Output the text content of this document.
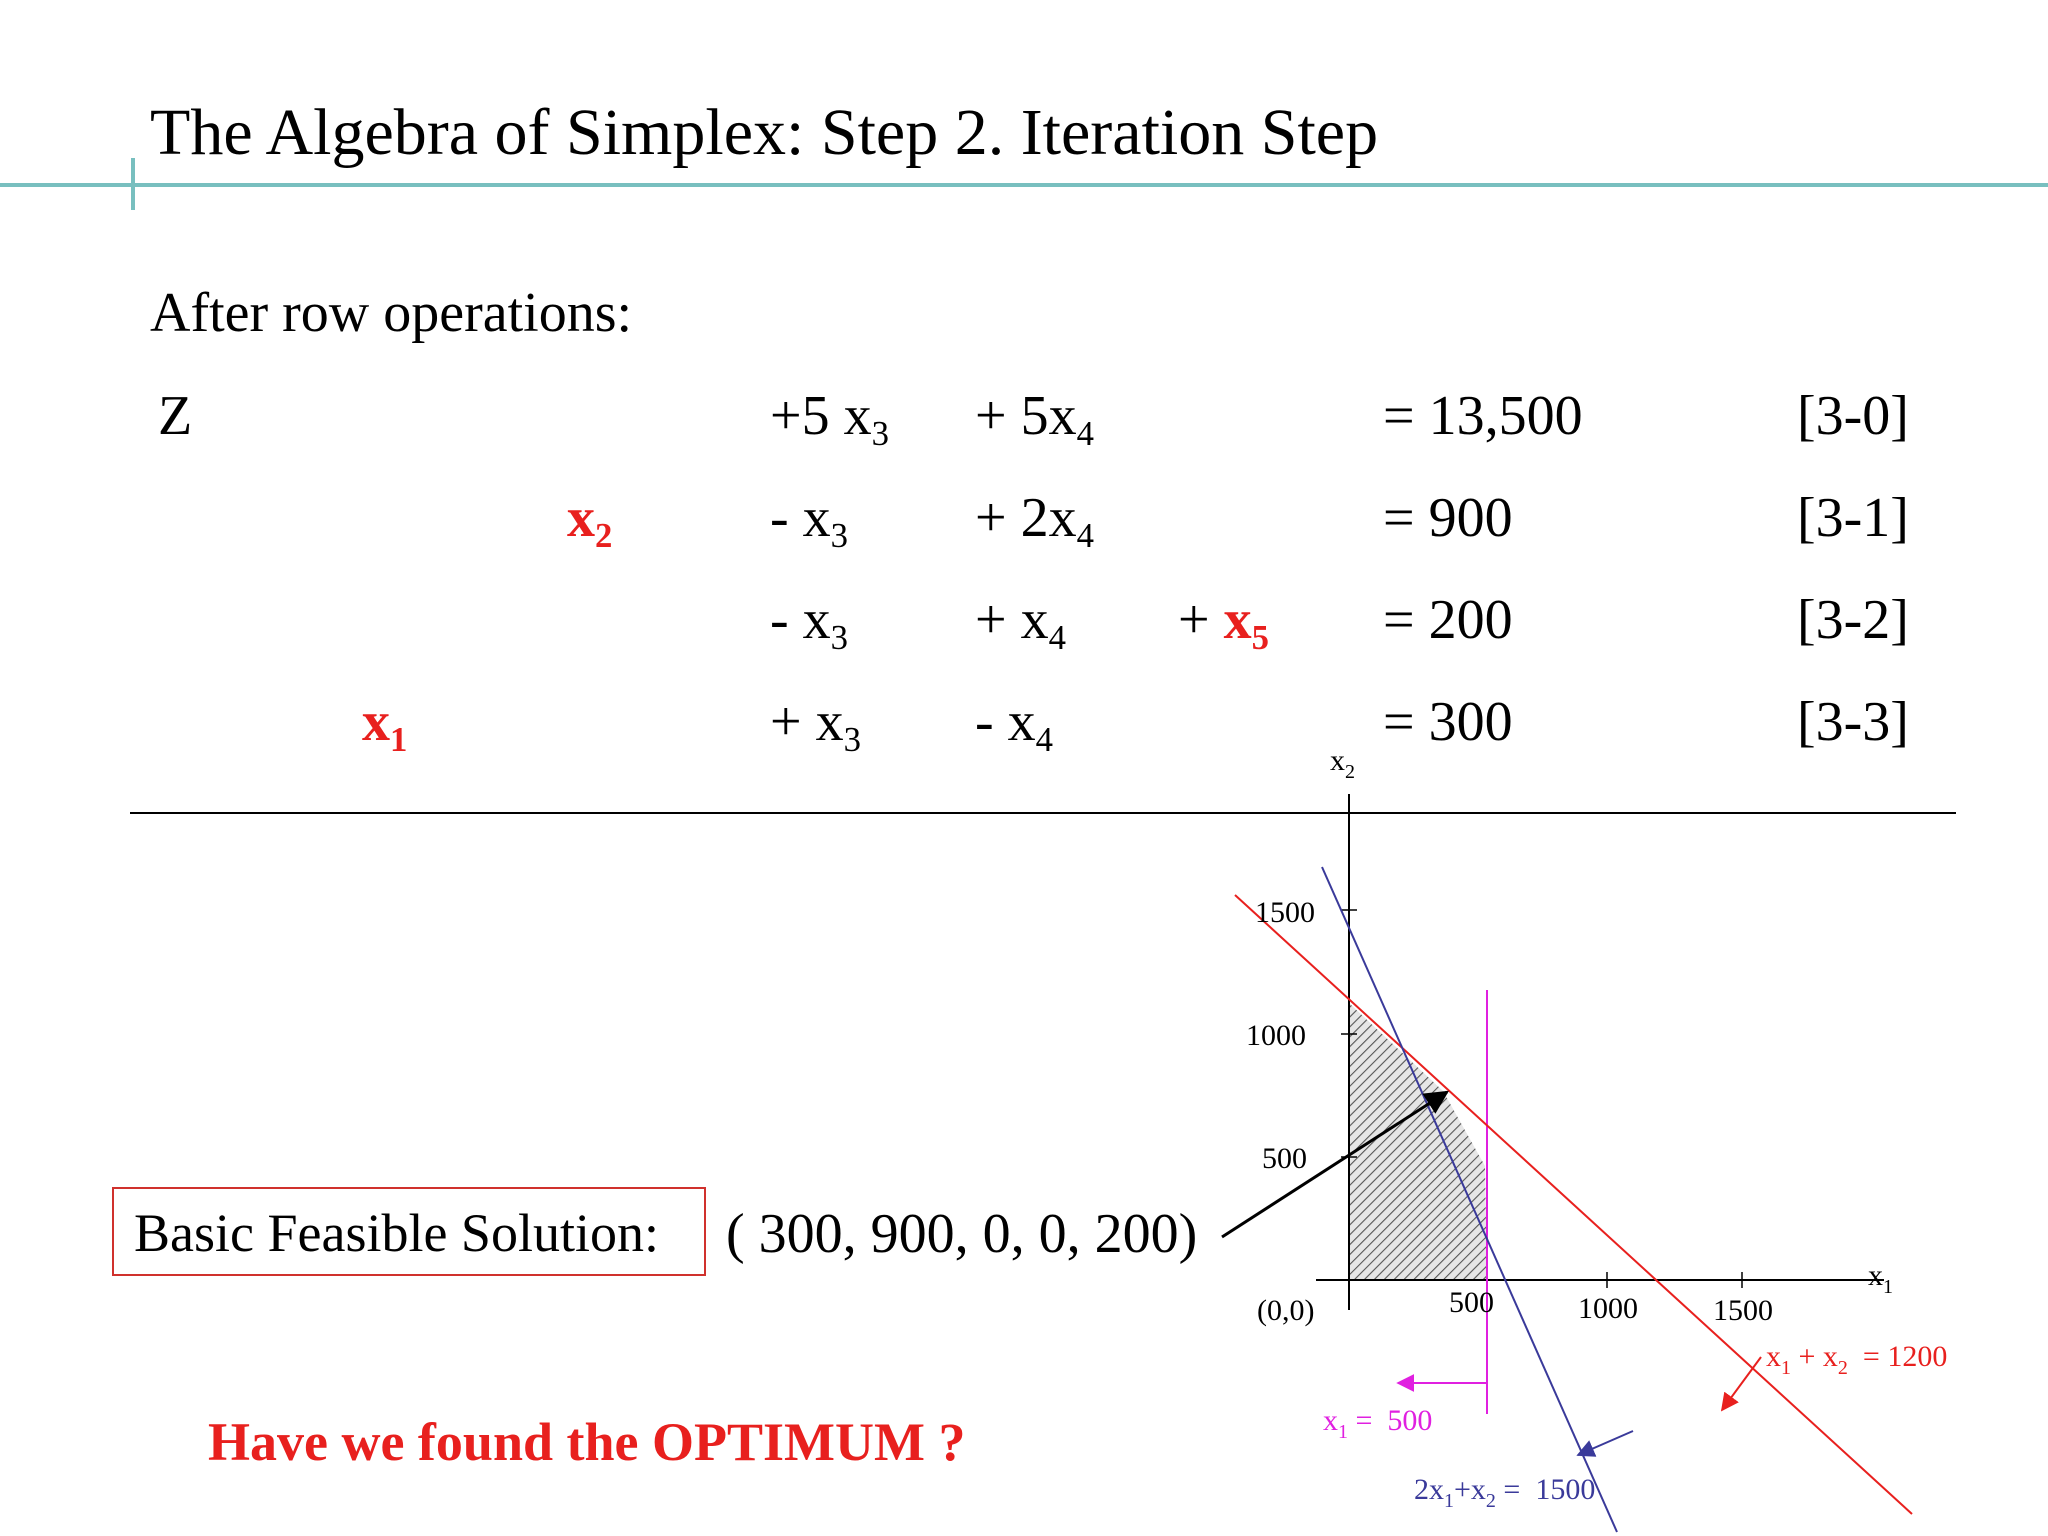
The Algebra of Simplex: Step 2. Iteration Step
After row operations:
Z	+5 $x_3 + 5x_4$	= 13,500	[3-0]
$x_2$	- $x_3 + 2x_4$	= 900	[3-1]
- $x_3 + x_4 + x_5 = 200$	[3-2]
$x_1$	+ $x_3 - x_4$	= 300	[3-3]
Basic Feasible Solution: ( 300, 900, 0, 0, 200)
Have we found the OPTIMUM ?
$x_2$
$x_1$
(0,0)
1500
1000
500
500	1000	1500
$x_1 = 500$
$x_1 + x_2 = 1200$
$2x_1+x_2 = 1500$
